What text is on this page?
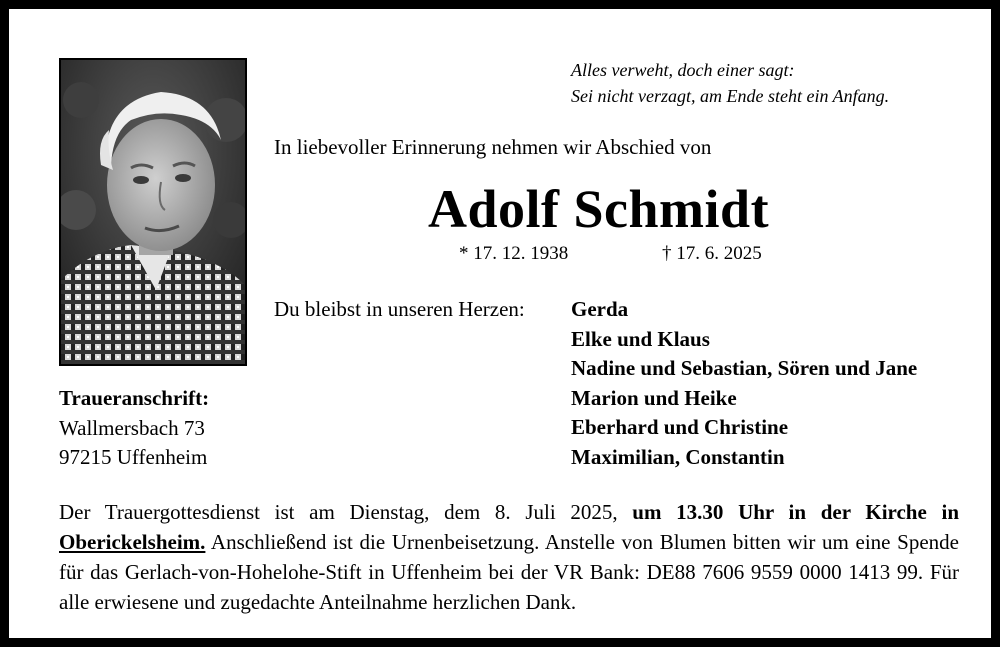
Alles verweht, doch einer sagt:
Sei nicht verzagt, am Ende steht ein Anfang.
In liebevoller Erinnerung nehmen wir Abschied von
Adolf Schmidt
* 17. 12. 1938	† 17. 6. 2025
Du bleibst in unseren Herzen: Gerda
Elke und Klaus
Nadine und Sebastian, Sören und Jane
Marion und Heike
Eberhard und Christine
Maximilian, Constantin
Traueranschrift:
Wallmersbach 73
97215 Uffenheim
Der Trauergottesdienst ist am Dienstag, dem 8. Juli 2025, um 13.30 Uhr in der Kirche in Oberickelsheim. Anschließend ist die Urnenbeisetzung. Anstelle von Blumen bitten wir um eine Spende für das Gerlach-von-Hohelohe-Stift in Uffenheim bei der VR Bank: DE88 7606 9559 0000 1413 99. Für alle erwiesene und zugedachte Anteilnahme herzlichen Dank.
